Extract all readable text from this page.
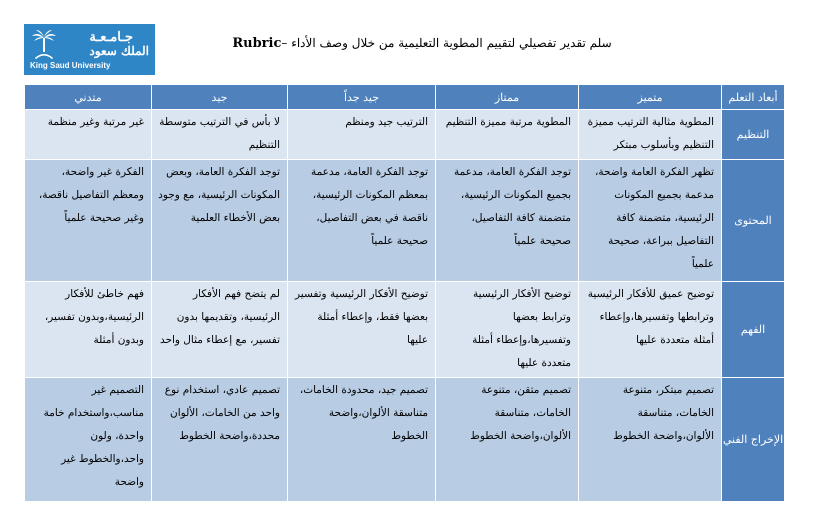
جـامـعـة
الملك سعود
King Saud University
سلم تقدير تفصيلي لتقييم المطوية التعليمية من خلال وصف الأداء –Rubric
أبعاد التعلم	متميز	ممتاز	جيد جداً	جيد	متدني

التنظيم	المطوية مثالية الترتيب مميزة التنظيم وبأسلوب مبتكر	المطوية مرتبة مميزة التنظيم	الترتيب جيد ومنظم	لا بأس في الترتيب متوسطة التنظيم	غير مرتبة وغير منظمة

المحتوى	تظهر الفكرة العامة واضحة، مدعمة بجميع المكونات الرئيسية، متضمنة كافة التفاصيل ببراعة، صحيحة علمياً	توجد الفكرة العامة، مدعمة بجميع المكونات الرئيسية، متضمنة كافة التفاصيل، صحيحة علمياً	توجد الفكرة العامة، مدعمة بمعظم المكونات الرئيسية، ناقصة في بعض التفاصيل، صحيحة علمياً	توجد الفكرة العامة، وبعض المكونات الرئيسية، مع وجود بعض الأخطاء العلمية	الفكرة غير واضحة، ومعظم التفاصيل ناقصة، وغير صحيحة علمياً

الفهم	توضيح عميق للأفكار الرئيسية وترابطها وتفسيرها،وإعطاء أمثلة متعددة عليها	توضيح الأفكار الرئيسية وترابط بعضها وتفسيرها،وإعطاء أمثلة متعددة عليها	توضيح الأفكار الرئيسية وتفسير بعضها فقط، وإعطاء أمثلة عليها	لم يتضح فهم الأفكار الرئيسية، وتقديمها بدون تفسير، مع إعطاء مثال واحد	فهم خاطئ للأفكار الرئيسية،وبدون تفسير، وبدون أمثلة

الإخراج الفني	تصميم مبتكر، متنوعة الخامات، متناسقة الألوان،واضحة الخطوط	تصميم متقن، متنوعة الخامات، متناسقة الألوان،واضحة الخطوط	تصميم جيد، محدودة الخامات، متناسقة الألوان،واضحة الخطوط	تصميم عادي، استخدام نوع واحد من الخامات، الألوان محددة،واضحة الخطوط	التصميم غير مناسب،واستخدام خامة واحدة، ولون واحد،والخطوط غير واضحة
